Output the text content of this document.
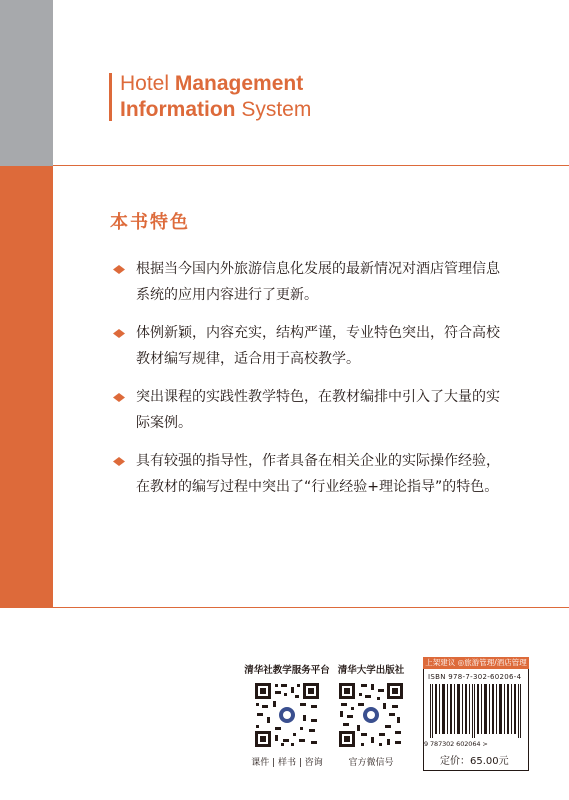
Hotel Management
Information System
本书特色
根据当今国内外旅游信息化发展的最新情况对酒店管理信息系统的应用内容进行了更新。
体例新颖，内容充实，结构严谨，专业特色突出，符合高校教材编写规律，适合用于高校教学。
突出课程的实践性教学特色，在教材编排中引入了大量的实际案例。
具有较强的指导性，作者具备在相关企业的实际操作经验，在教材的编写过程中突出了“行业经验+理论指导”的特色。
清华社教学服务平台
课件 | 样书 | 咨询
清华大学出版社
官方微信号
上架建议 ◎旅游管理/酒店管理
ISBN 978-7-302-60206-4
9 787302 602064 >
定价：65.00元
